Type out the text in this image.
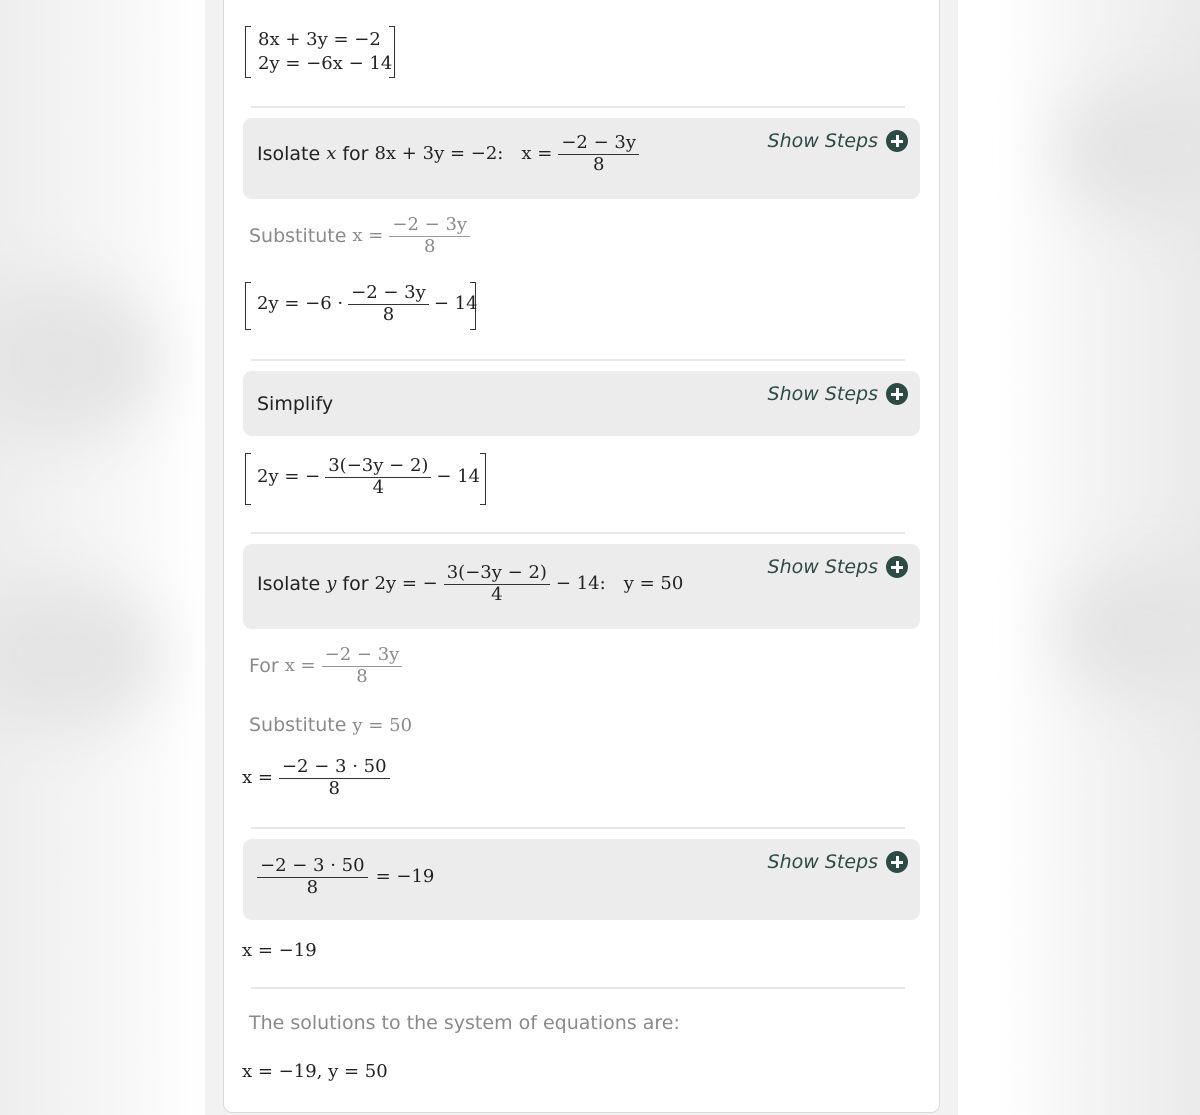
8x + 3y = −2
2y = −6x − 14
Isolate x for 8x + 3y = −2: $x = \frac{-2 - 3y}{8}$	Show Steps
Substitute $x = \frac{-2 - 3y}{8}$
$2y = -6 \cdot \frac{-2 - 3y}{8} - 14$
Simplify	Show Steps
2y = − $\frac{3(-3y - 2)}{4} - 14$
Isolate y for 2y = − $\frac{3(-3y - 2)}{4} - 14$: y = 50
Show Steps
For $x = \frac{-2 - 3y}{8}$
Substitute y = 50
$x = \frac{-2 - 3 \cdot 50}{8}$
$\frac{-2 - 3 \cdot 50}{8} = -19$
Show Steps
x = −19
The solutions to the system of equations are:
x = −19, y = 50
